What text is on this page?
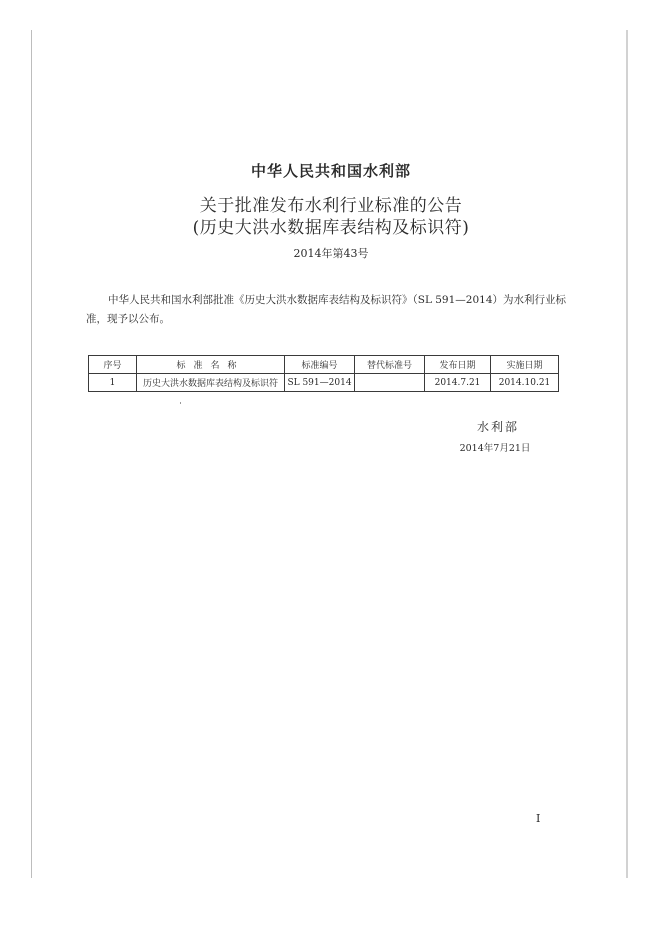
中华人民共和国水利部
关于批准发布水利行业标准的公告
(历史大洪水数据库表结构及标识符)
2014年第43号
中华人民共和国水利部批准《历史大洪水数据库表结构及标识符》（SL 591—2014）为水利行业标准，现予以公布。
序号	标准名称	标准编号	替代标准号	发布日期	实施日期
1	历史大洪水数据库表结构及标识符	SL 591—2014		2014.7.21	2014.10.21
水利部
2014年7月21日
I
